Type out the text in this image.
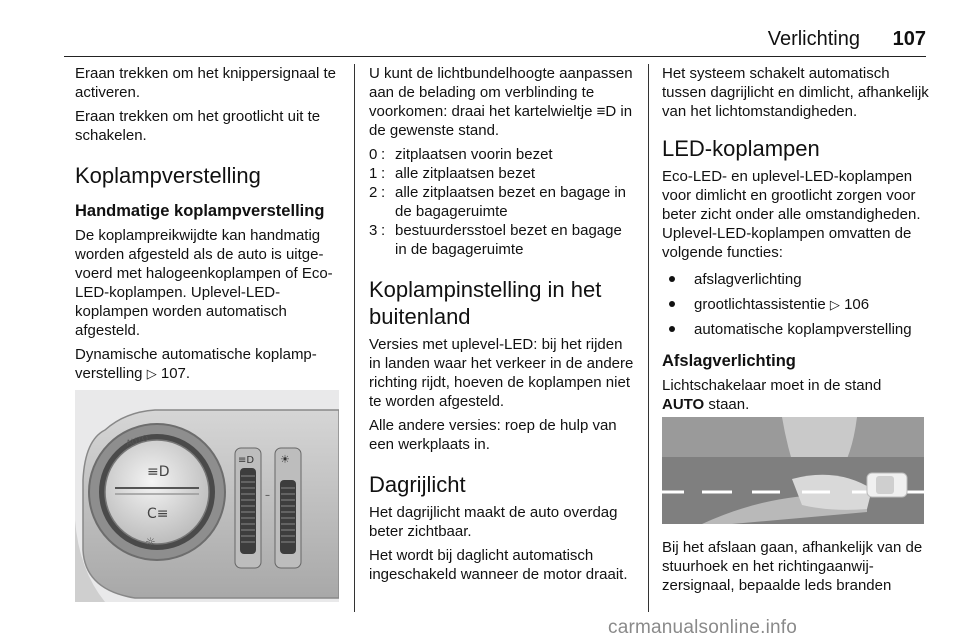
Verlichting 107

Eraan trekken om het knippersignaal te activeren.

Eraan trekken om het grootlicht uit te schakelen.

Koplampverstelling
Handmatige koplampverstelling

De koplampreikwijdte kan handmatig worden afgesteld als de auto is uitgevoerd met halogeenkoplampen of Eco-LED-koplampen. Uplevel-LED-koplampen worden automatisch afgesteld.

Dynamische automatische koplampverstelling ▷ 107.

AUTO
≡D
C≡
☼
≡D
–
☀

U kunt de lichtbundelhoogte aanpassen aan de belading om verblinding te voorkomen: draai het kartelwieltje ≡D in de gewenste stand.

0 : zitplaatsen voorin bezet
1 : alle zitplaatsen bezet
2 : alle zitplaatsen bezet en bagage in de bagageruimte
3 : bestuurdersstoel bezet en bagage in de bagageruimte
Koplampinstelling in het buitenland

Versies met uplevel-LED: bij het rijden in landen waar het verkeer in de andere richting rijdt, hoeven de koplampen niet te worden afgesteld.

Alle andere versies: roep de hulp van een werkplaats in.

Dagrijlicht

Het dagrijlicht maakt de auto overdag beter zichtbaar.

Het wordt bij daglicht automatisch ingeschakeld wanneer de motor draait.

Het systeem schakelt automatisch tussen dagrijlicht en dimlicht, afhankelijk van het lichtomstandigheden.

LED-koplampen

Eco-LED- en uplevel-LED-koplampen voor dimlicht en grootlicht zorgen voor beter zicht onder alle omstandigheden. Uplevel-LED-koplampen omvatten de volgende functies:

afslagverlichting
grootlichtassistentie ▷ 106
automatische koplampverstelling
Afslagverlichting

Lichtschakelaar moet in de stand
AUTO staan.

Bij het afslaan gaan, afhankelijk van de stuurhoek en het richtingaanwijzersignaal, bepaalde leds branden

carmanualsonline.info
